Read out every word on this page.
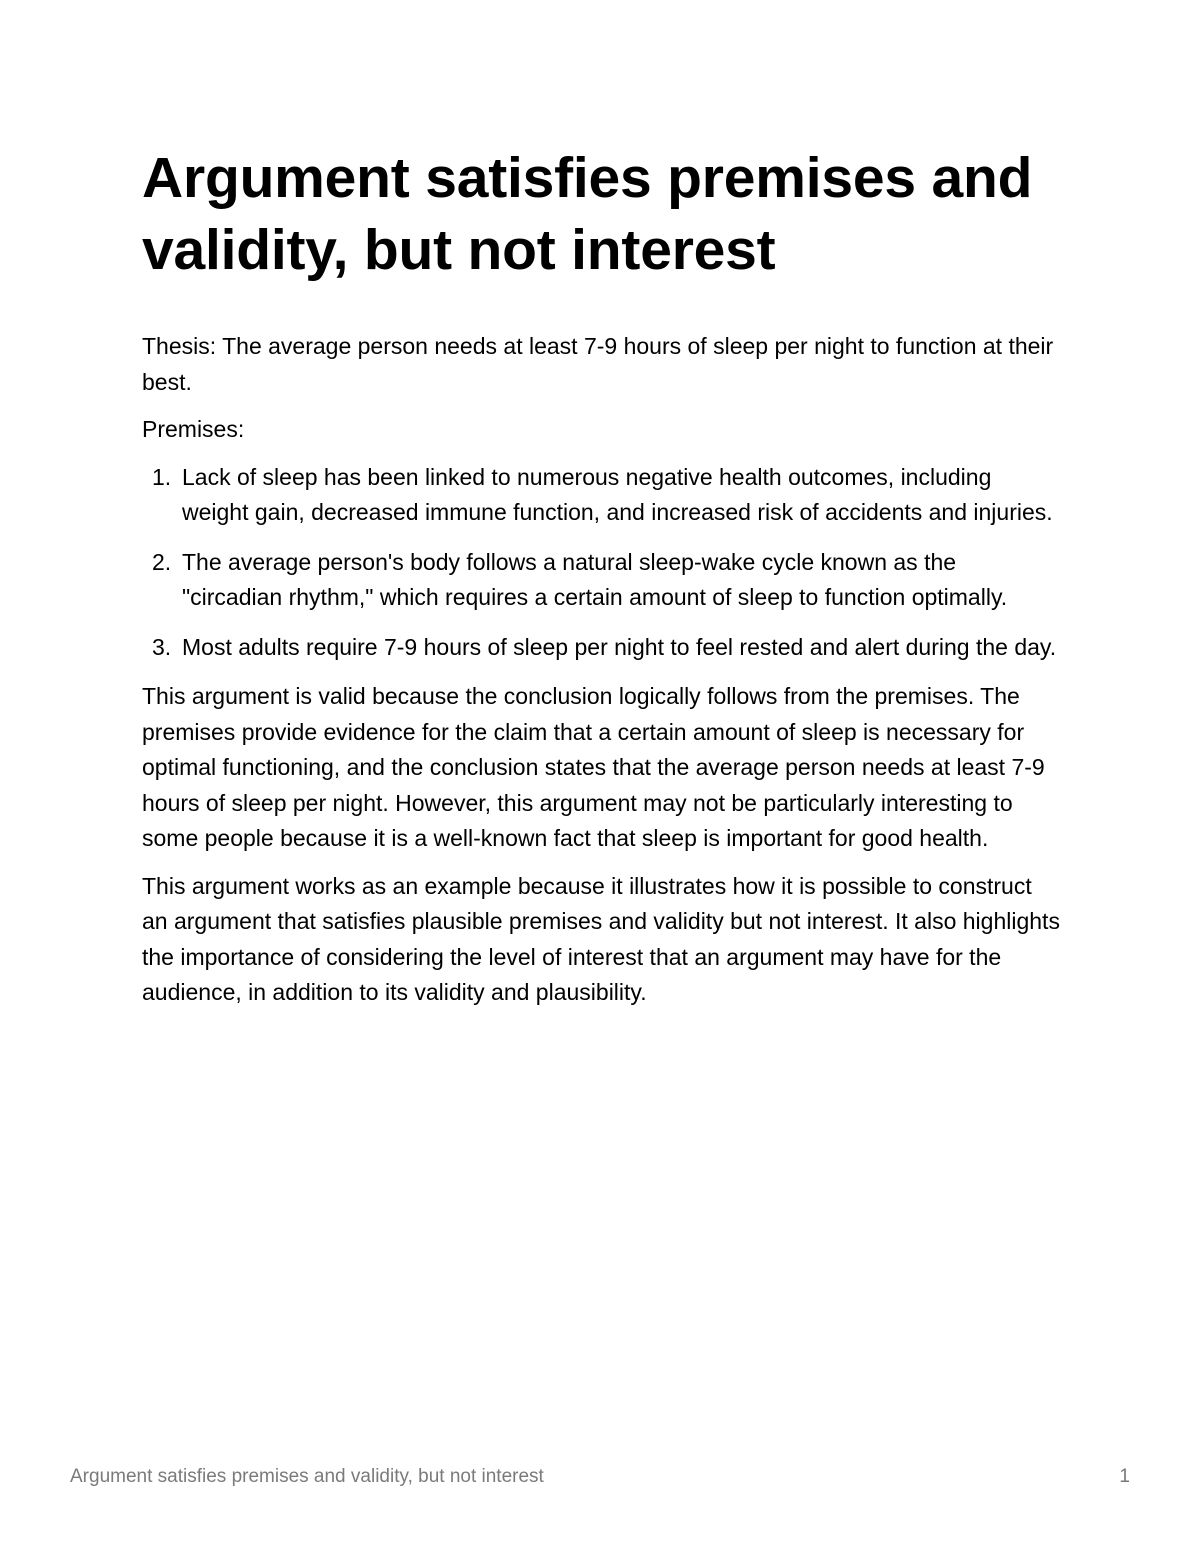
Argument satisfies premises and validity, but not interest

Thesis: The average person needs at least 7-9 hours of sleep per night to function at their best.

Premises:

1. Lack of sleep has been linked to numerous negative health outcomes, including weight gain, decreased immune function, and increased risk of accidents and injuries.
2. The average person's body follows a natural sleep-wake cycle known as the "circadian rhythm," which requires a certain amount of sleep to function optimally.
3. Most adults require 7-9 hours of sleep per night to feel rested and alert during the day.

This argument is valid because the conclusion logically follows from the premises. The premises provide evidence for the claim that a certain amount of sleep is necessary for optimal functioning, and the conclusion states that the average person needs at least 7-9 hours of sleep per night. However, this argument may not be particularly interesting to some people because it is a well-known fact that sleep is important for good health.

This argument works as an example because it illustrates how it is possible to construct an argument that satisfies plausible premises and validity but not interest. It also highlights the importance of considering the level of interest that an argument may have for the audience, in addition to its validity and plausibility.

Argument satisfies premises and validity, but not interest	1
